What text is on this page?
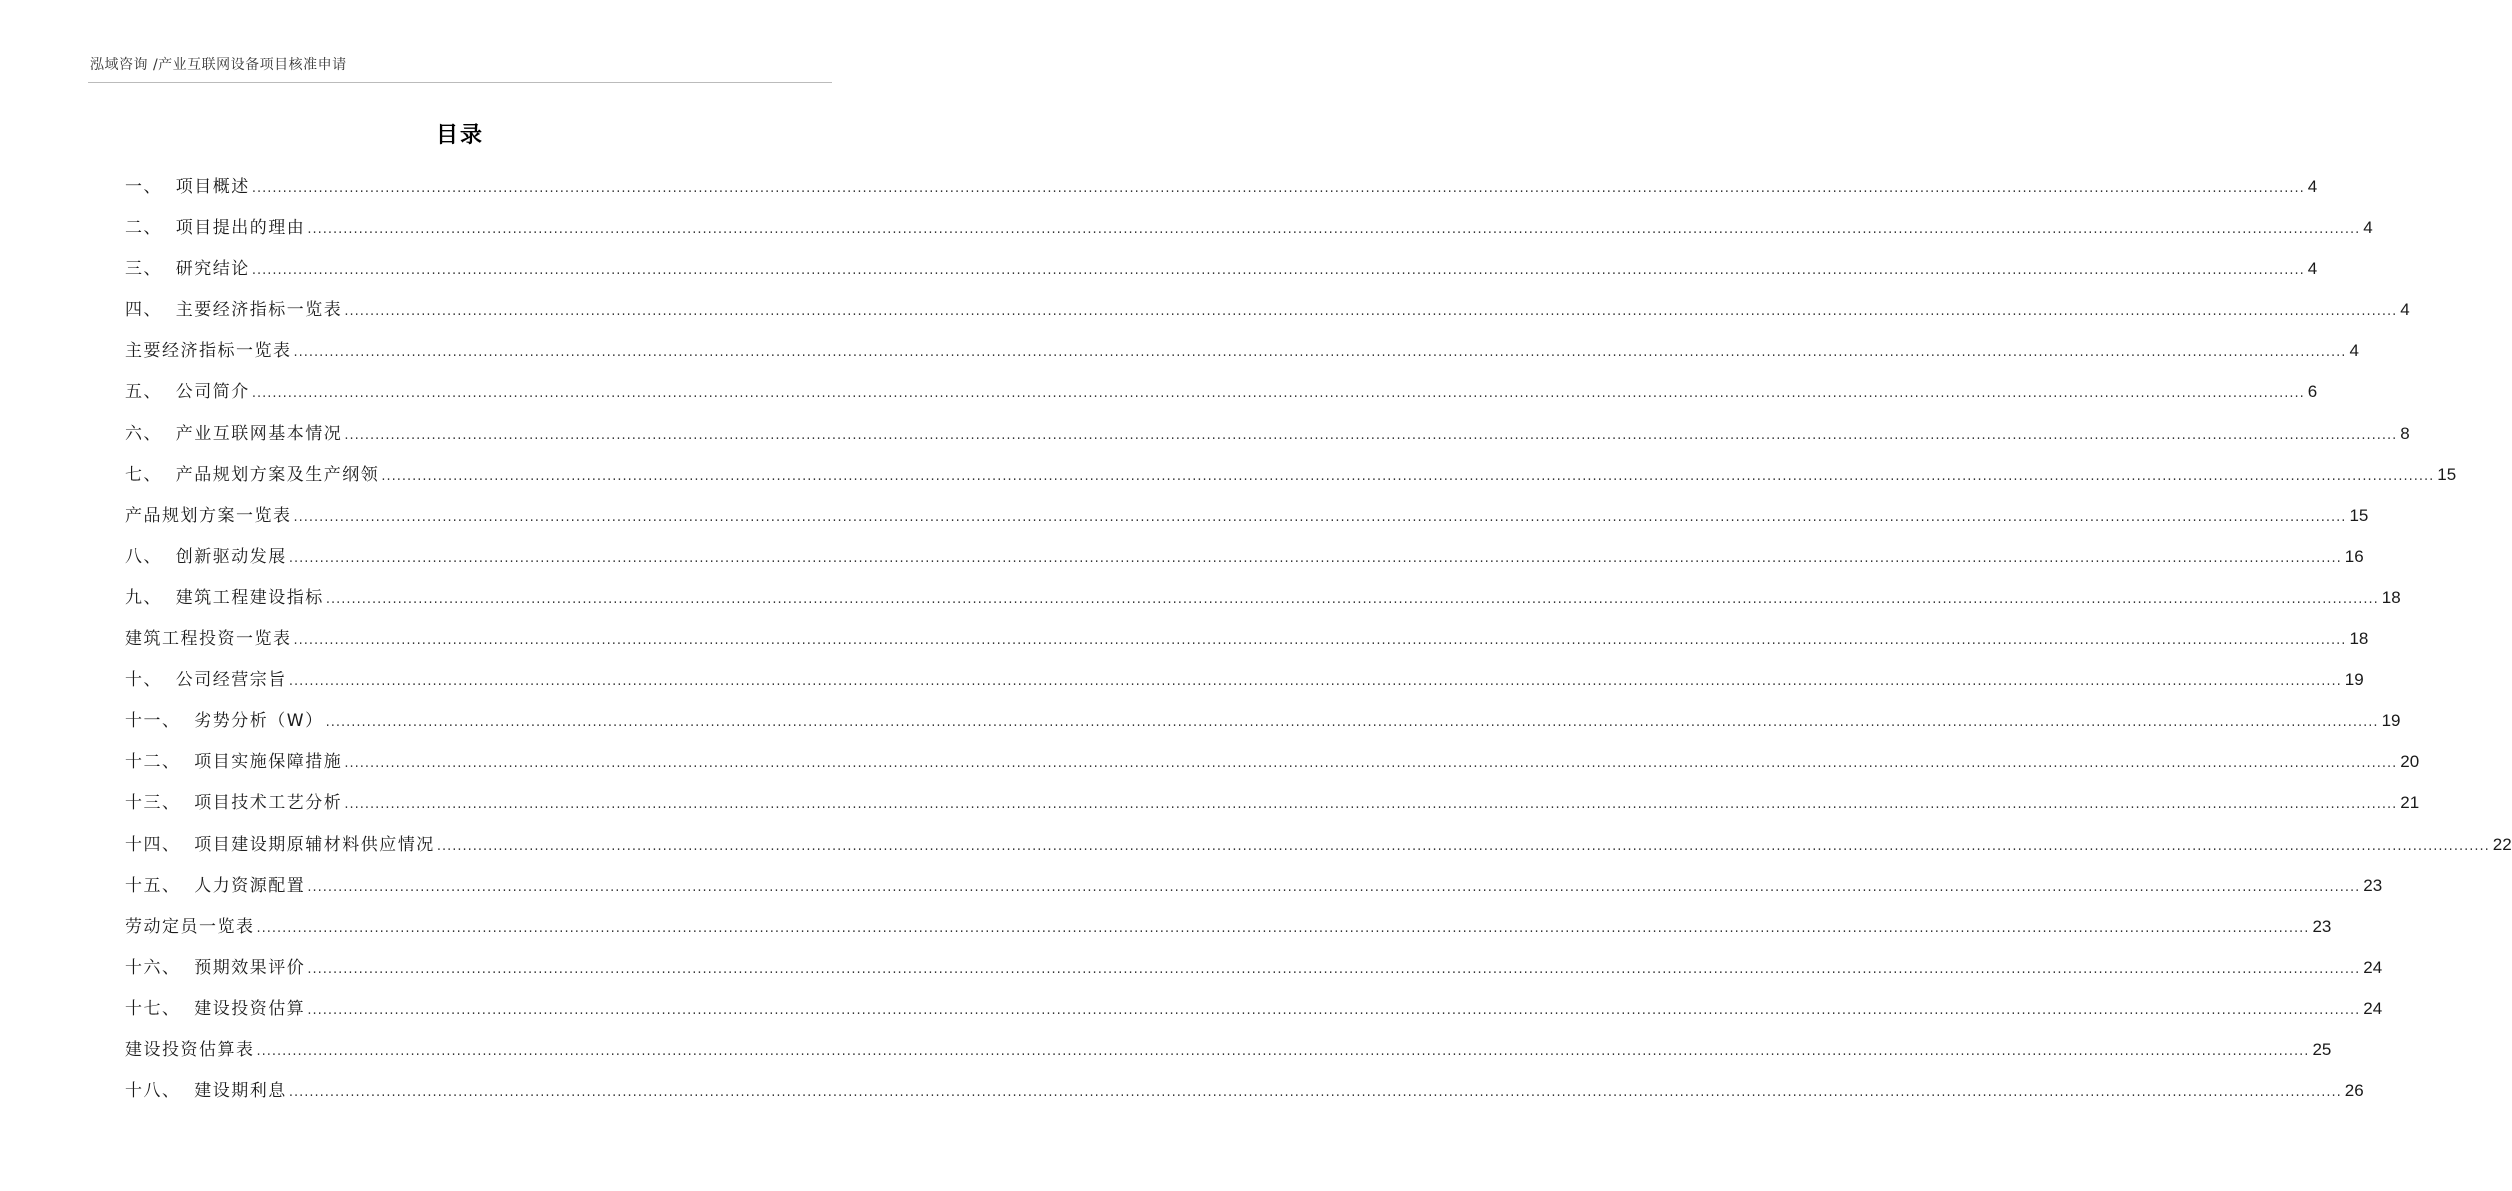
泓域咨询 /产业互联网设备项目核准申请
目录
一、  项目概述 ................................................................................................................................................................................................................................................................................................................................................................................................................ 4
二、  项目提出的理由 ................................................................................................................................................................................................................................................................................................................................................................................................................ 4
三、  研究结论 ................................................................................................................................................................................................................................................................................................................................................................................................................ 4
四、  主要经济指标一览表 ................................................................................................................................................................................................................................................................................................................................................................................................................ 4
主要经济指标一览表 ................................................................................................................................................................................................................................................................................................................................................................................................................ 4
五、  公司简介 ................................................................................................................................................................................................................................................................................................................................................................................................................ 6
六、  产业互联网基本情况 ................................................................................................................................................................................................................................................................................................................................................................................................................ 8
七、  产品规划方案及生产纲领 ................................................................................................................................................................................................................................................................................................................................................................................................................ 15
产品规划方案一览表 ................................................................................................................................................................................................................................................................................................................................................................................................................ 15
八、  创新驱动发展 ................................................................................................................................................................................................................................................................................................................................................................................................................ 16
九、  建筑工程建设指标 ................................................................................................................................................................................................................................................................................................................................................................................................................ 18
建筑工程投资一览表 ................................................................................................................................................................................................................................................................................................................................................................................................................ 18
十、  公司经营宗旨 ................................................................................................................................................................................................................................................................................................................................................................................................................ 19
十一、  劣势分析（W） ................................................................................................................................................................................................................................................................................................................................................................................................................ 19
十二、  项目实施保障措施 ................................................................................................................................................................................................................................................................................................................................................................................................................ 20
十三、  项目技术工艺分析 ................................................................................................................................................................................................................................................................................................................................................................................................................ 21
十四、  项目建设期原辅材料供应情况 ................................................................................................................................................................................................................................................................................................................................................................................................................ 22
十五、  人力资源配置 ................................................................................................................................................................................................................................................................................................................................................................................................................ 23
劳动定员一览表 ................................................................................................................................................................................................................................................................................................................................................................................................................ 23
十六、  预期效果评价 ................................................................................................................................................................................................................................................................................................................................................................................................................ 24
十七、  建设投资估算 ................................................................................................................................................................................................................................................................................................................................................................................................................ 24
建设投资估算表 ................................................................................................................................................................................................................................................................................................................................................................................................................ 25
十八、  建设期利息 ................................................................................................................................................................................................................................................................................................................................................................................................................ 26
